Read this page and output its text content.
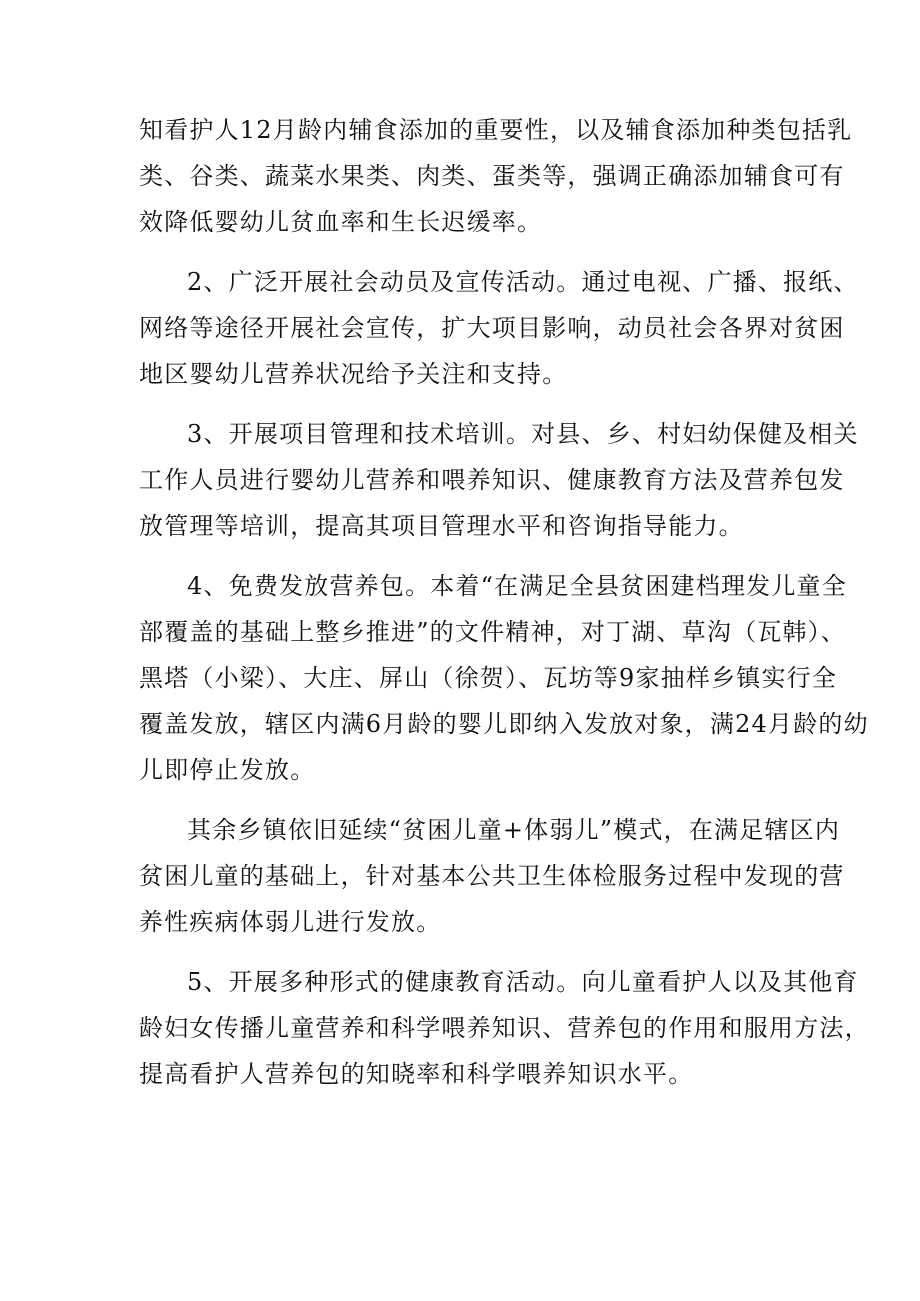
知看护人12月龄内辅食添加的重要性，以及辅食添加种类包括乳
类、谷类、蔬菜水果类、肉类、蛋类等，强调正确添加辅食可有
效降低婴幼儿贫血率和生长迟缓率。

2、广泛开展社会动员及宣传活动。通过电视、广播、报纸、
网络等途径开展社会宣传，扩大项目影响，动员社会各界对贫困
地区婴幼儿营养状况给予关注和支持。

3、开展项目管理和技术培训。对县、乡、村妇幼保健及相关
工作人员进行婴幼儿营养和喂养知识、健康教育方法及营养包发
放管理等培训，提高其项目管理水平和咨询指导能力。

4、免费发放营养包。本着“在满足全县贫困建档理发儿童全
部覆盖的基础上整乡推进”的文件精神，对丁湖、草沟（瓦韩）、
黑塔（小梁）、大庄、屏山（徐贺）、瓦坊等9家抽样乡镇实行全
覆盖发放，辖区内满6月龄的婴儿即纳入发放对象，满24月龄的幼
儿即停止发放。

其余乡镇依旧延续“贫困儿童+体弱儿”模式，在满足辖区内
贫困儿童的基础上，针对基本公共卫生体检服务过程中发现的营
养性疾病体弱儿进行发放。

5、开展多种形式的健康教育活动。向儿童看护人以及其他育
龄妇女传播儿童营养和科学喂养知识、营养包的作用和服用方法，
提高看护人营养包的知晓率和科学喂养知识水平。
